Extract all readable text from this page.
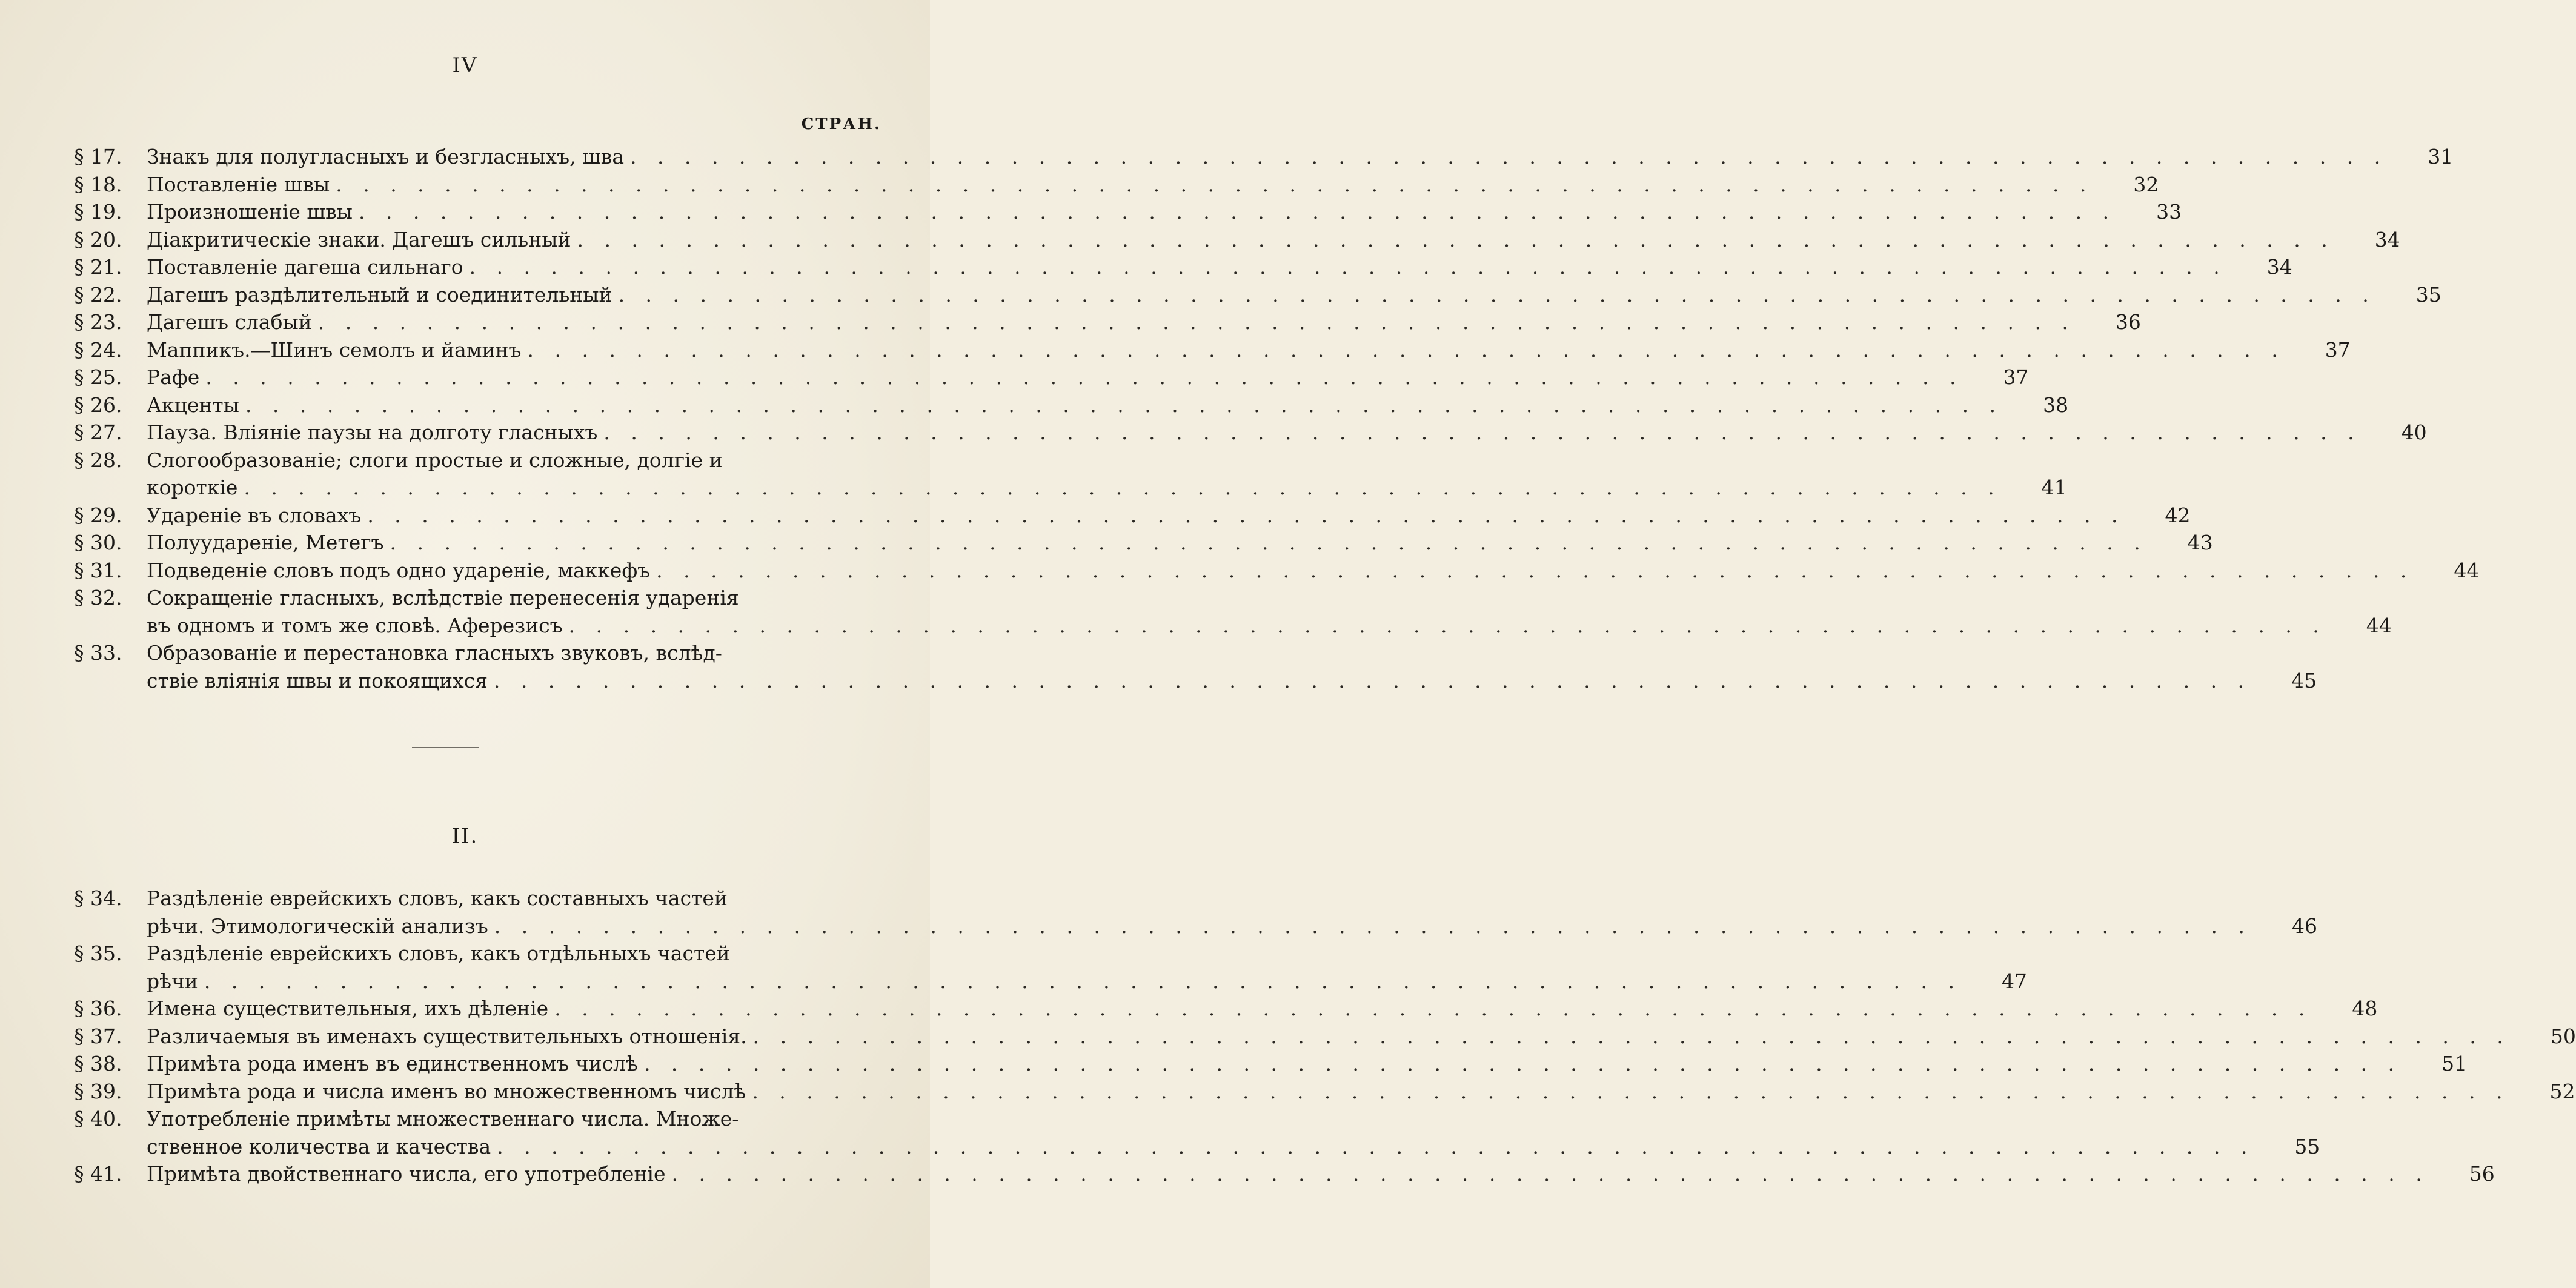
IV
СТРАН.
§ 17.	Знакъ для полугласныхъ и безгласныхъ, шва . . .	31
§ 18.	Поставленіе швы . . .	32
§ 19.	Произношеніе швы . . .	33
§ 20.	Діакритическіе знаки. Дагешъ сильный . . .	34
§ 21.	Поставленіе дагеша сильнаго . . .	34
§ 22.	Дагешъ раздѣлительный и соединительный . . .	35
§ 23.	Дагешъ слабый . . .	36
§ 24.	Маппикъ.—Шинъ семолъ и йаминъ . . .	37
§ 25.	Рафе . . .	37
§ 26.	Акценты . . .	38
§ 27.	Пауза. Вліяніе паузы на долготу гласныхъ . . .	40
§ 28.	Слогообразованіе; слоги простые и сложные, долгіе и
короткіе . . .	41
§ 29.	Удареніе въ словахъ . . .	42
§ 30.	Полуудареніе, Метегъ . . .	43
§ 31.	Подведеніе словъ подъ одно удареніе, маккефъ . . .	44
§ 32.	Сокращеніе гласныхъ, вслѣдствіе перенесенія ударенія
въ одномъ и томъ же словѣ. Аферезисъ . . .	44
§ 33.	Образованіе и перестановка гласныхъ звуковъ, вслѣд-
ствіе вліянія швы и покоящихся . . .	45
II.
§ 34.	Раздѣленіе еврейскихъ словъ, какъ составныхъ частей
рѣчи. Этимологическій анализъ . . .	46
§ 35.	Раздѣленіе еврейскихъ словъ, какъ отдѣльныхъ частей
рѣчи . . .	47
§ 36.	Имена существительныя, ихъ дѣленіе . . .	48
§ 37.	Различаемыя въ именахъ существительныхъ отношенія. . . .	50
§ 38.	Примѣта рода именъ въ единственномъ числѣ . . .	51
§ 39.	Примѣта рода и числа именъ во множественномъ числѣ . . .	52
§ 40.	Употребленіе примѣты множественнаго числа. Множе-
ственное количества и качества . . .	55
§ 41.	Примѣта двойственнаго числа, его употребленіе . . .	56
